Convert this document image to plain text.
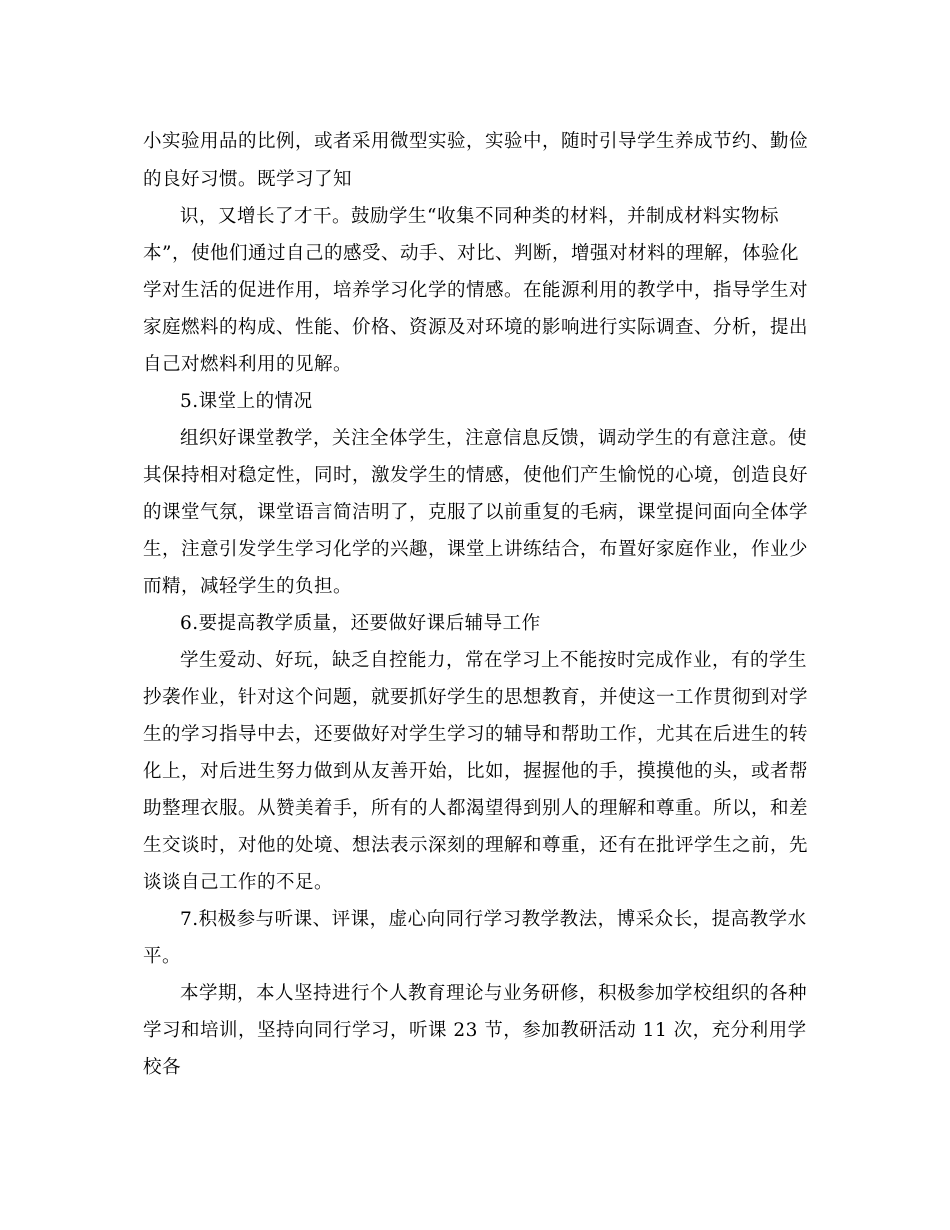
小实验用品的比例，或者采用微型实验，实验中，随时引导学生养成节约、勤俭
的良好习惯。既学习了知
识，又增长了才干。鼓励学生“收集不同种类的材料，并制成材料实物标
本”，使他们通过自己的感受、动手、对比、判断，增强对材料的理解，体验化
学对生活的促进作用，培养学习化学的情感。在能源利用的教学中，指导学生对
家庭燃料的构成、性能、价格、资源及对环境的影响进行实际调查、分析，提出
自己对燃料利用的见解。
5.课堂上的情况
组织好课堂教学，关注全体学生，注意信息反馈，调动学生的有意注意。使
其保持相对稳定性，同时，激发学生的情感，使他们产生愉悦的心境，创造良好
的课堂气氛，课堂语言简洁明了，克服了以前重复的毛病，课堂提问面向全体学
生，注意引发学生学习化学的兴趣，课堂上讲练结合，布置好家庭作业，作业少
而精，减轻学生的负担。
6.要提高教学质量，还要做好课后辅导工作
学生爱动、好玩，缺乏自控能力，常在学习上不能按时完成作业，有的学生
抄袭作业，针对这个问题，就要抓好学生的思想教育，并使这一工作贯彻到对学
生的学习指导中去，还要做好对学生学习的辅导和帮助工作，尤其在后进生的转
化上，对后进生努力做到从友善开始，比如，握握他的手，摸摸他的头，或者帮
助整理衣服。从赞美着手，所有的人都渴望得到别人的理解和尊重。所以，和差
生交谈时，对他的处境、想法表示深刻的理解和尊重，还有在批评学生之前，先
谈谈自己工作的不足。
7.积极参与听课、评课，虚心向同行学习教学教法，博采众长，提高教学水
平。
本学期，本人坚持进行个人教育理论与业务研修，积极参加学校组织的各种
学习和培训，坚持向同行学习，听课 23 节，参加教研活动 11 次，充分利用学
校各
